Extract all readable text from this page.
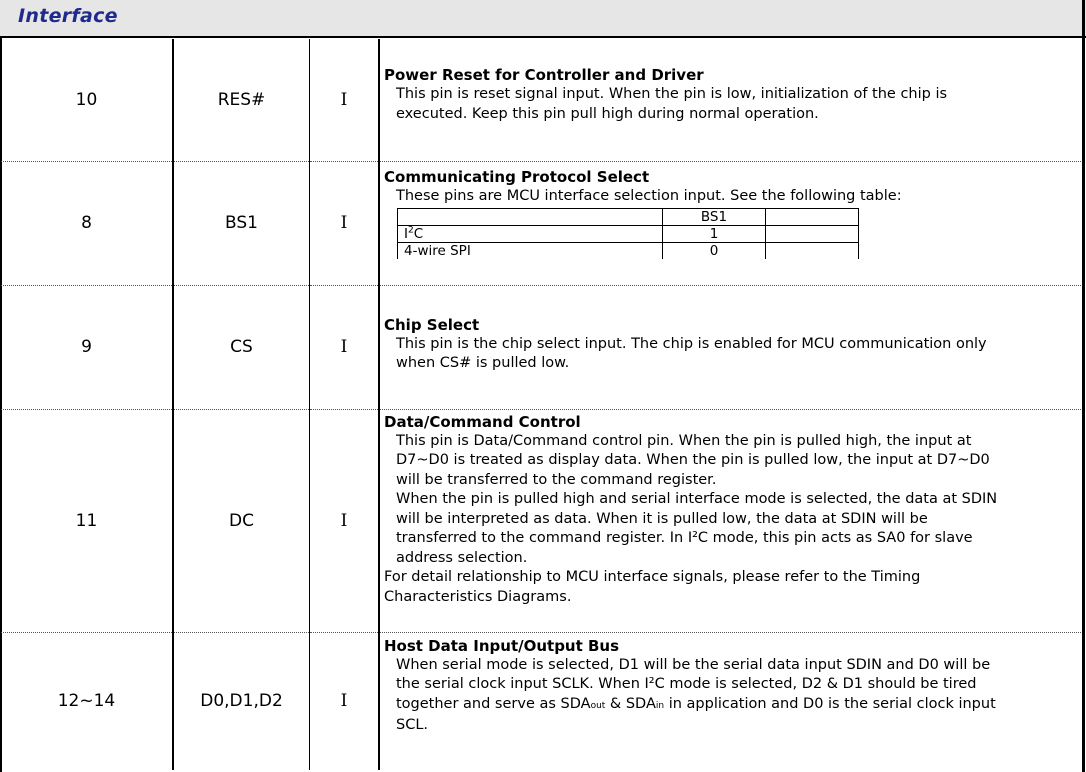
Interface
10	RES#	I	
Power Reset for Controller and Driver
This pin is reset signal input. When the pin is low, initialization of the chip is
executed. Keep this pin pull high during normal operation.

8	BS1	I	
Communicating Protocol Select
These pins are MCU interface selection input. See the following table:
	BS1	
$I^2C$	1	
4-wire SPI	0	

9	CS	I	
Chip Select
This pin is the chip select input. The chip is enabled for MCU communication only
when CS# is pulled low.

11	DC	I	
Data/Command Control
This pin is Data/Command control pin. When the pin is pulled high, the input at
D7~D0 is treated as display data. When the pin is pulled low, the input at D7~D0
will be transferred to the command register.
When the pin is pulled high and serial interface mode is selected, the data at SDIN
will be interpreted as data. When it is pulled low, the data at SDIN will be
transferred to the command register. In I²C mode, this pin acts as SA0 for slave
address selection.
For detail relationship to MCU interface signals, please refer to the Timing
Characteristics Diagrams.

12~14	D0,D1,D2	I	
Host Data Input/Output Bus
When serial mode is selected, D1 will be the serial data input SDIN and D0 will be
the serial clock input SCLK. When I²C mode is selected, D2 & D1 should be tired
together and serve as SDAout & SDAin in application and D0 is the serial clock input
SCL.
